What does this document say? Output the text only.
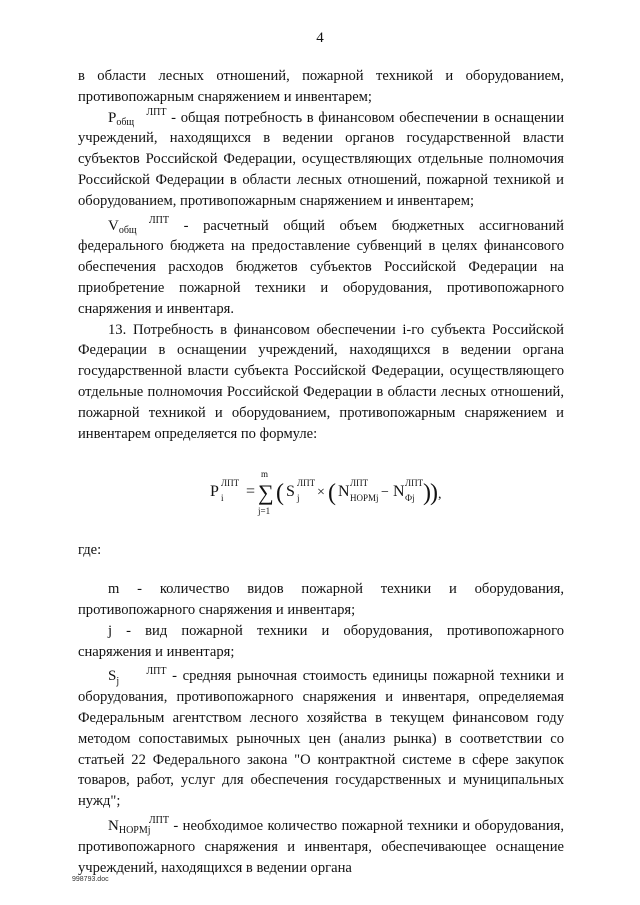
4

в области лесных отношений, пожарной техникой и оборудованием, противопожарным снаряжением и инвентарем;

P	ЛПТ
общ	- общая потребность в финансовом обеспечении в оснащении учреждений, находящихся в ведении органов государственной власти субъектов Российской Федерации, осуществляющих отдельные полномочия Российской Федерации в области лесных отношений, пожарной техникой и оборудованием, противопожарным снаряжением и инвентарем;

V	ЛПТ
общ	- расчетный общий объем бюджетных ассигнований федерального бюджета на предоставление субвенций в целях финансового обеспечения расходов бюджетов субъектов Российской Федерации на приобретение пожарной техники и оборудования, противопожарного снаряжения и инвентаря.

13. Потребность в финансовом обеспечении i-го субъекта Российской Федерации в оснащении учреждений, находящихся в ведении органа государственной власти субъекта Российской Федерации, осуществляющего отдельные полномочия Российской Федерации в области лесных отношений, пожарной техникой и оборудованием, противопожарным снаряжением и инвентарем определяется по формуле:

P ЛПТ
i =
m
∑
j=1
( S ЛПТ
j × ( N ЛПТ
НОРМj − N ЛПТ
Фj ) ) ,

где:

m - количество видов пожарной техники и оборудования, противопожарного снаряжения и инвентаря;

j - вид пожарной техники и оборудования, противопожарного снаряжения и инвентаря;

S	ЛПТ
j	- средняя рыночная стоимость единицы пожарной техники и оборудования, противопожарного снаряжения и инвентаря, определяемая Федеральным агентством лесного хозяйства в текущем финансовом году методом сопоставимых рыночных цен (анализ рынка) в соответствии со статьей 22 Федерального закона "О контрактной системе в сфере закупок товаров, работ, услуг для обеспечения государственных и муниципальных нужд";

N	ЛПТ
НОРМj - необходимое количество пожарной техники и оборудования, противопожарного снаряжения и инвентаря, обеспечивающее оснащение учреждений, находящихся в ведении органа

998793.doc
